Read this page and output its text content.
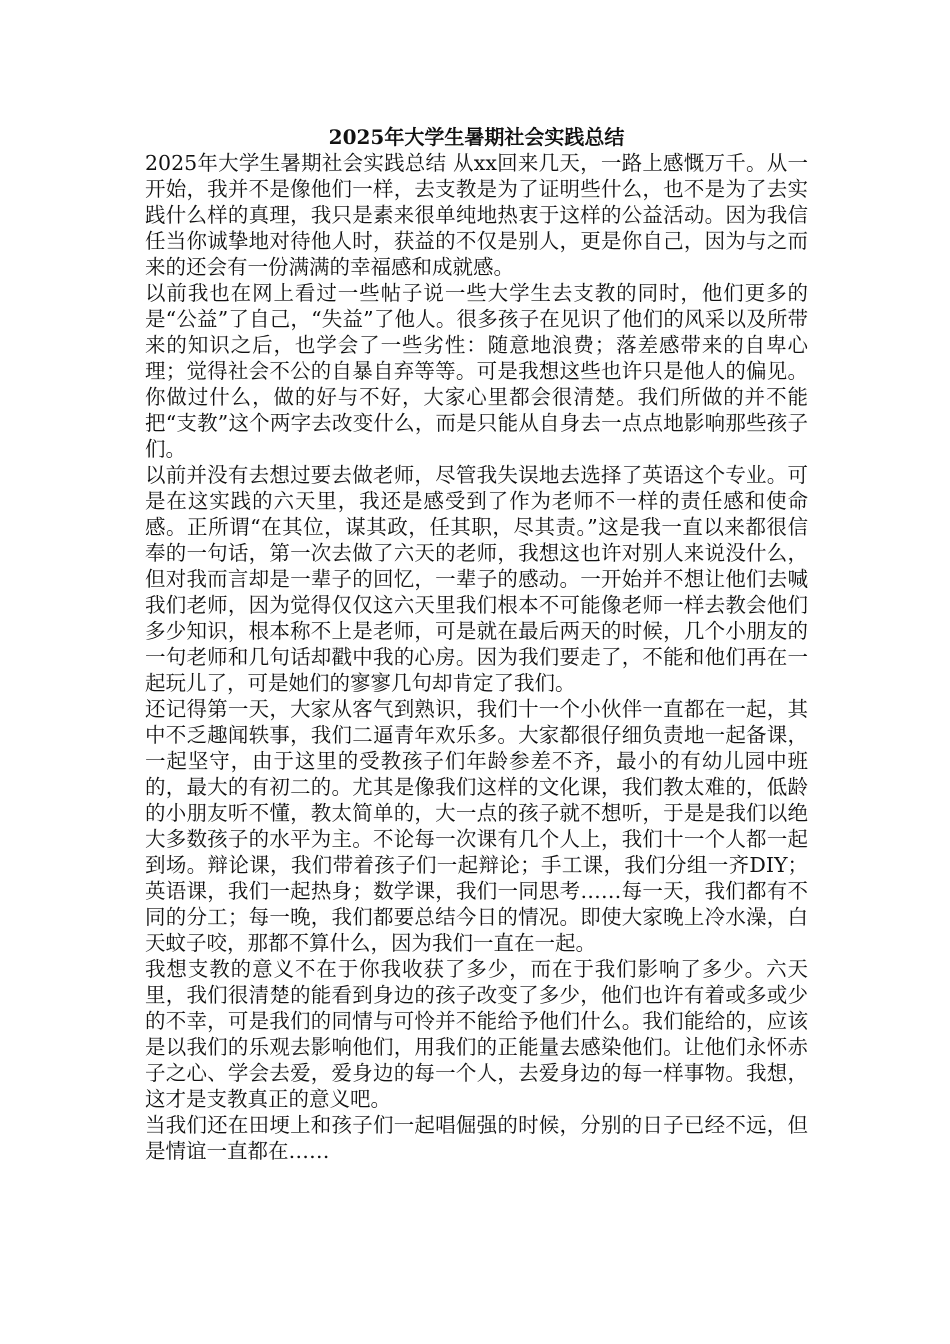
2025年大学生暑期社会实践总结

2025年大学生暑期社会实践总结 从xx回来几天，一路上感慨万千。从一开始，我并不是像他们一样，去支教是为了证明些什么，也不是为了去实践什么样的真理，我只是素来很单纯地热衷于这样的公益活动。因为我信任当你诚挚地对待他人时，获益的不仅是别人，更是你自己，因为与之而来的还会有一份满满的幸福感和成就感。

以前我也在网上看过一些帖子说一些大学生去支教的同时，他们更多的是“公益”了自己，“失益”了他人。很多孩子在见识了他们的风采以及所带来的知识之后，也学会了一些劣性：随意地浪费；落差感带来的自卑心理；觉得社会不公的自暴自弃等等。可是我想这些也许只是他人的偏见。你做过什么，做的好与不好，大家心里都会很清楚。我们所做的并不能把“支教”这个两字去改变什么，而是只能从自身去一点点地影响那些孩子们。

以前并没有去想过要去做老师，尽管我失误地去选择了英语这个专业。可是在这实践的六天里，我还是感受到了作为老师不一样的责任感和使命感。正所谓“在其位，谋其政，任其职，尽其责。”这是我一直以来都很信奉的一句话，第一次去做了六天的老师，我想这也许对别人来说没什么，但对我而言却是一辈子的回忆，一辈子的感动。一开始并不想让他们去喊我们老师，因为觉得仅仅这六天里我们根本不可能像老师一样去教会他们多少知识，根本称不上是老师，可是就在最后两天的时候，几个小朋友的一句老师和几句话却戳中我的心房。因为我们要走了，不能和他们再在一起玩儿了，可是她们的寥寥几句却肯定了我们。

还记得第一天，大家从客气到熟识，我们十一个小伙伴一直都在一起，其中不乏趣闻轶事，我们二逼青年欢乐多。大家都很仔细负责地一起备课，一起坚守，由于这里的受教孩子们年龄参差不齐，最小的有幼儿园中班的，最大的有初二的。尤其是像我们这样的文化课，我们教太难的，低龄的小朋友听不懂，教太简单的，大一点的孩子就不想听，于是是我们以绝大多数孩子的水平为主。不论每一次课有几个人上，我们十一个人都一起到场。辩论课，我们带着孩子们一起辩论；手工课，我们分组一齐DIY；英语课，我们一起热身；数学课，我们一同思考……每一天，我们都有不同的分工；每一晚，我们都要总结今日的情况。即使大家晚上冷水澡，白天蚊子咬，那都不算什么，因为我们一直在一起。

我想支教的意义不在于你我收获了多少，而在于我们影响了多少。六天里，我们很清楚的能看到身边的孩子改变了多少，他们也许有着或多或少的不幸，可是我们的同情与可怜并不能给予他们什么。我们能给的，应该是以我们的乐观去影响他们，用我们的正能量去感染他们。让他们永怀赤子之心、学会去爱，爱身边的每一个人，去爱身边的每一样事物。我想，这才是支教真正的意义吧。

当我们还在田埂上和孩子们一起唱倔强的时候，分别的日子已经不远，但是情谊一直都在……
